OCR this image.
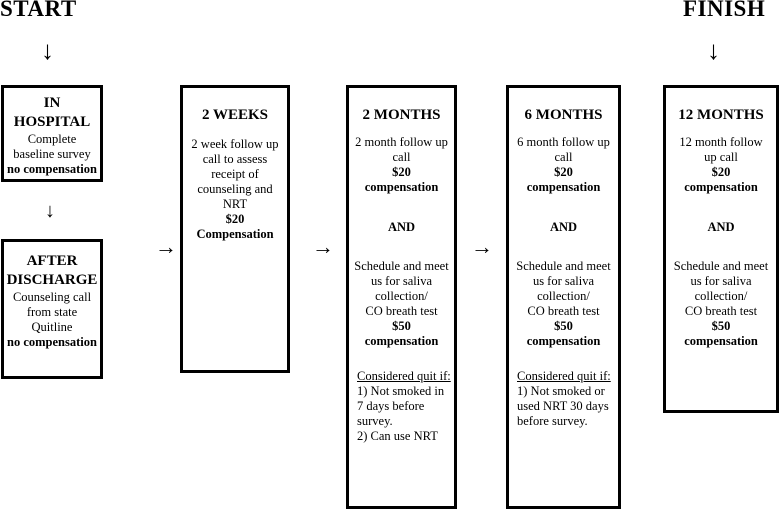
START	FINISH
↓	↓
↓
→	→	→
IN
HOSPITAL
Complete
baseline survey
no compensation
AFTER
DISCHARGE
Counseling call
from state
Quitline
no compensation
2 WEEKS
2 week follow up
call to assess
receipt of
counseling and
NRT
$20
Compensation
2 MONTHS
2 month follow up
call
$20
compensation
AND
Schedule and meet
us for saliva
collection/
CO breath test
$50
compensation
Considered quit if:
1) Not smoked in
7 days before
survey.
2) Can use NRT
6 MONTHS
6 month follow up
call
$20
compensation
AND
Schedule and meet
us for saliva
collection/
CO breath test
$50
compensation
Considered quit if:
1) Not smoked or
used NRT 30 days
before survey.
12 MONTHS
12 month follow
up call
$20
compensation
AND
Schedule and meet
us for saliva
collection/
CO breath test
$50
compensation
